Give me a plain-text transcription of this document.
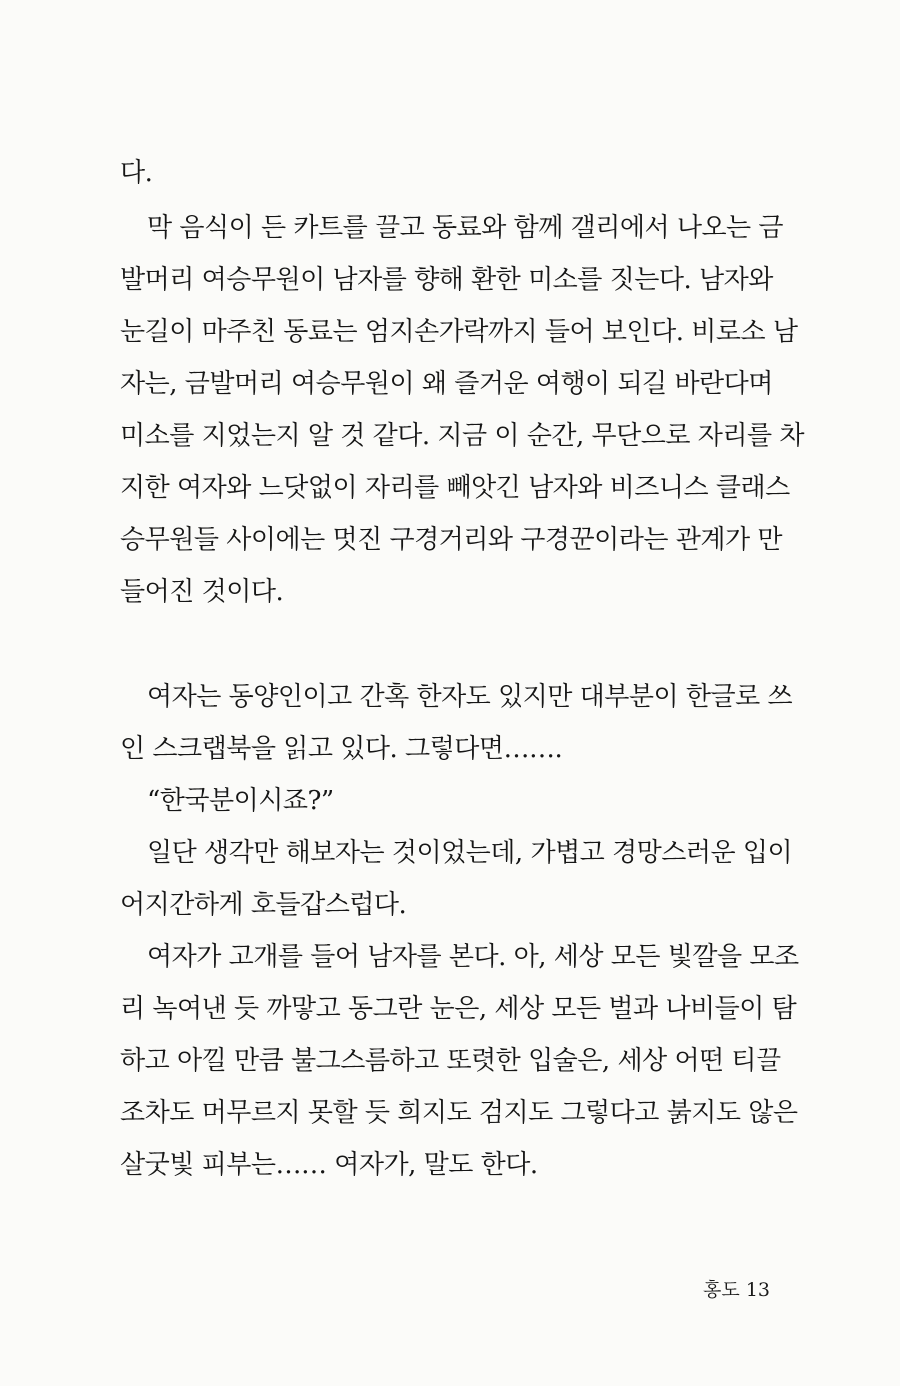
다.
막 음식이 든 카트를 끌고 동료와 함께 갤리에서 나오는 금
발머리 여승무원이 남자를 향해 환한 미소를 짓는다. 남자와
눈길이 마주친 동료는 엄지손가락까지 들어 보인다. 비로소 남
자는, 금발머리 여승무원이 왜 즐거운 여행이 되길 바란다며
미소를 지었는지 알 것 같다. 지금 이 순간, 무단으로 자리를 차
지한 여자와 느닷없이 자리를 빼앗긴 남자와 비즈니스 클래스
승무원들 사이에는 멋진 구경거리와 구경꾼이라는 관계가 만
들어진 것이다.
여자는 동양인이고 간혹 한자도 있지만 대부분이 한글로 쓰
인 스크랩북을 읽고 있다. 그렇다면…….
“한국분이시죠?”
일단 생각만 해보자는 것이었는데, 가볍고 경망스러운 입이
어지간하게 호들갑스럽다.
여자가 고개를 들어 남자를 본다. 아, 세상 모든 빛깔을 모조
리 녹여낸 듯 까맣고 동그란 눈은, 세상 모든 벌과 나비들이 탐
하고 아낄 만큼 불그스름하고 또렷한 입술은, 세상 어떤 티끌
조차도 머무르지 못할 듯 희지도 검지도 그렇다고 붉지도 않은
살굿빛 피부는…… 여자가, 말도 한다.
홍도 13
